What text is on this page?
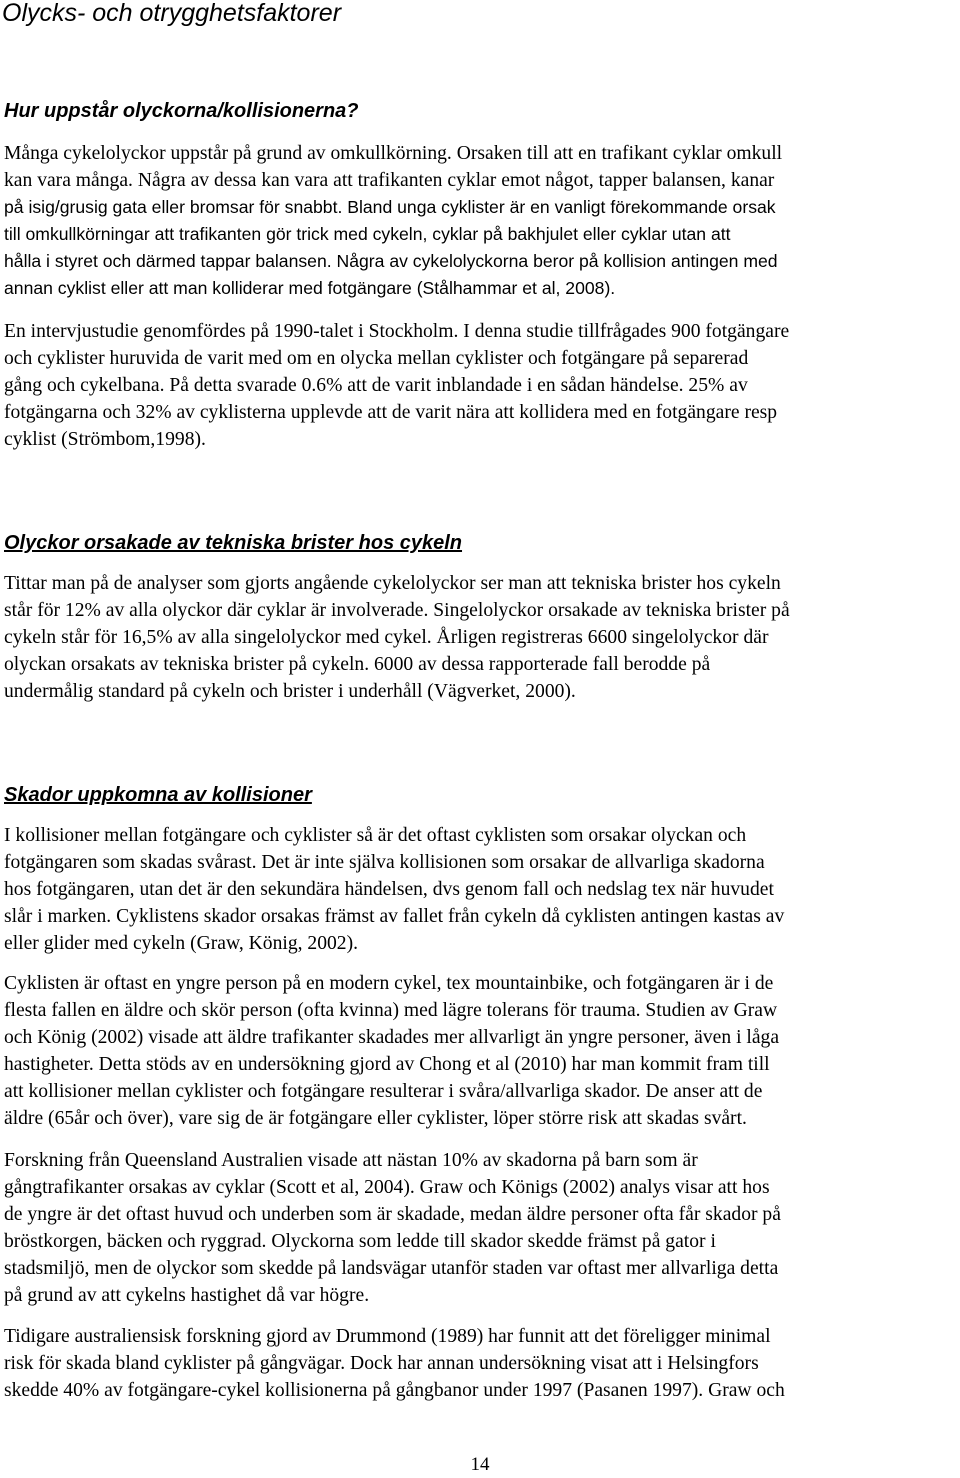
Olycks- och otrygghetsfaktorer
Hur uppstår olyckorna/kollisionerna?
Många cykelolyckor uppstår på grund av omkullkörning. Orsaken till att en trafikant cyklar omkull
kan vara många. Några av dessa kan vara att trafikanten cyklar emot något, tapper balansen, kanar
på isig/grusig gata eller bromsar för snabbt. Bland unga cyklister är en vanligt förekommande orsak
till omkullkörningar att trafikanten gör trick med cykeln, cyklar på bakhjulet eller cyklar utan att
hålla i styret och därmed tappar balansen. Några av cykelolyckorna beror på kollision antingen med
annan cyklist eller att man kolliderar med fotgängare (Stålhammar et al, 2008).
En intervjustudie genomfördes på 1990-talet i Stockholm. I denna studie tillfrågades 900 fotgängare
och cyklister huruvida de varit med om en olycka mellan cyklister och fotgängare på separerad
gång och cykelbana. På detta svarade 0.6% att de varit inblandade i en sådan händelse. 25% av
fotgängarna och 32% av cyklisterna upplevde att de varit nära att kollidera med en fotgängare resp
cyklist (Strömbom,1998).
Olyckor orsakade av tekniska brister hos cykeln
Tittar man på de analyser som gjorts angående cykelolyckor ser man att tekniska brister hos cykeln
står för 12% av alla olyckor där cyklar är involverade. Singelolyckor orsakade av tekniska brister på
cykeln står för 16,5% av alla singelolyckor med cykel. Årligen registreras 6600 singelolyckor där
olyckan orsakats av tekniska brister på cykeln. 6000 av dessa rapporterade fall berodde på
undermålig standard på cykeln och brister i underhåll (Vägverket, 2000).
Skador uppkomna av kollisioner
I kollisioner mellan fotgängare och cyklister så är det oftast cyklisten som orsakar olyckan och
fotgängaren som skadas svårast. Det är inte själva kollisionen som orsakar de allvarliga skadorna
hos fotgängaren, utan det är den sekundära händelsen, dvs genom fall och nedslag tex när huvudet
slår i marken. Cyklistens skador orsakas främst av fallet från cykeln då cyklisten antingen kastas av
eller glider med cykeln (Graw, König, 2002).
Cyklisten är oftast en yngre person på en modern cykel, tex mountainbike, och fotgängaren är i de
flesta fallen en äldre och skör person (ofta kvinna) med lägre tolerans för trauma. Studien av Graw
och König (2002) visade att äldre trafikanter skadades mer allvarligt än yngre personer, även i låga
hastigheter. Detta stöds av en undersökning gjord av Chong et al (2010) har man kommit fram till
att kollisioner mellan cyklister och fotgängare resulterar i svåra/allvarliga skador. De anser att de
äldre (65år och över), vare sig de är fotgängare eller cyklister, löper större risk att skadas svårt.
Forskning från Queensland Australien visade att nästan 10% av skadorna på barn som är
gångtrafikanter orsakas av cyklar (Scott et al, 2004). Graw och Königs (2002) analys visar att hos
de yngre är det oftast huvud och underben som är skadade, medan äldre personer ofta får skador på
bröstkorgen, bäcken och ryggrad. Olyckorna som ledde till skador skedde främst på gator i
stadsmiljö, men de olyckor som skedde på landsvägar utanför staden var oftast mer allvarliga detta
på grund av att cykelns hastighet då var högre.
Tidigare australiensisk forskning gjord av Drummond (1989) har funnit att det föreligger minimal
risk för skada bland cyklister på gångvägar. Dock har annan undersökning visat att i Helsingfors
skedde 40% av fotgängare-cykel kollisionerna på gångbanor under 1997 (Pasanen 1997). Graw och
14
